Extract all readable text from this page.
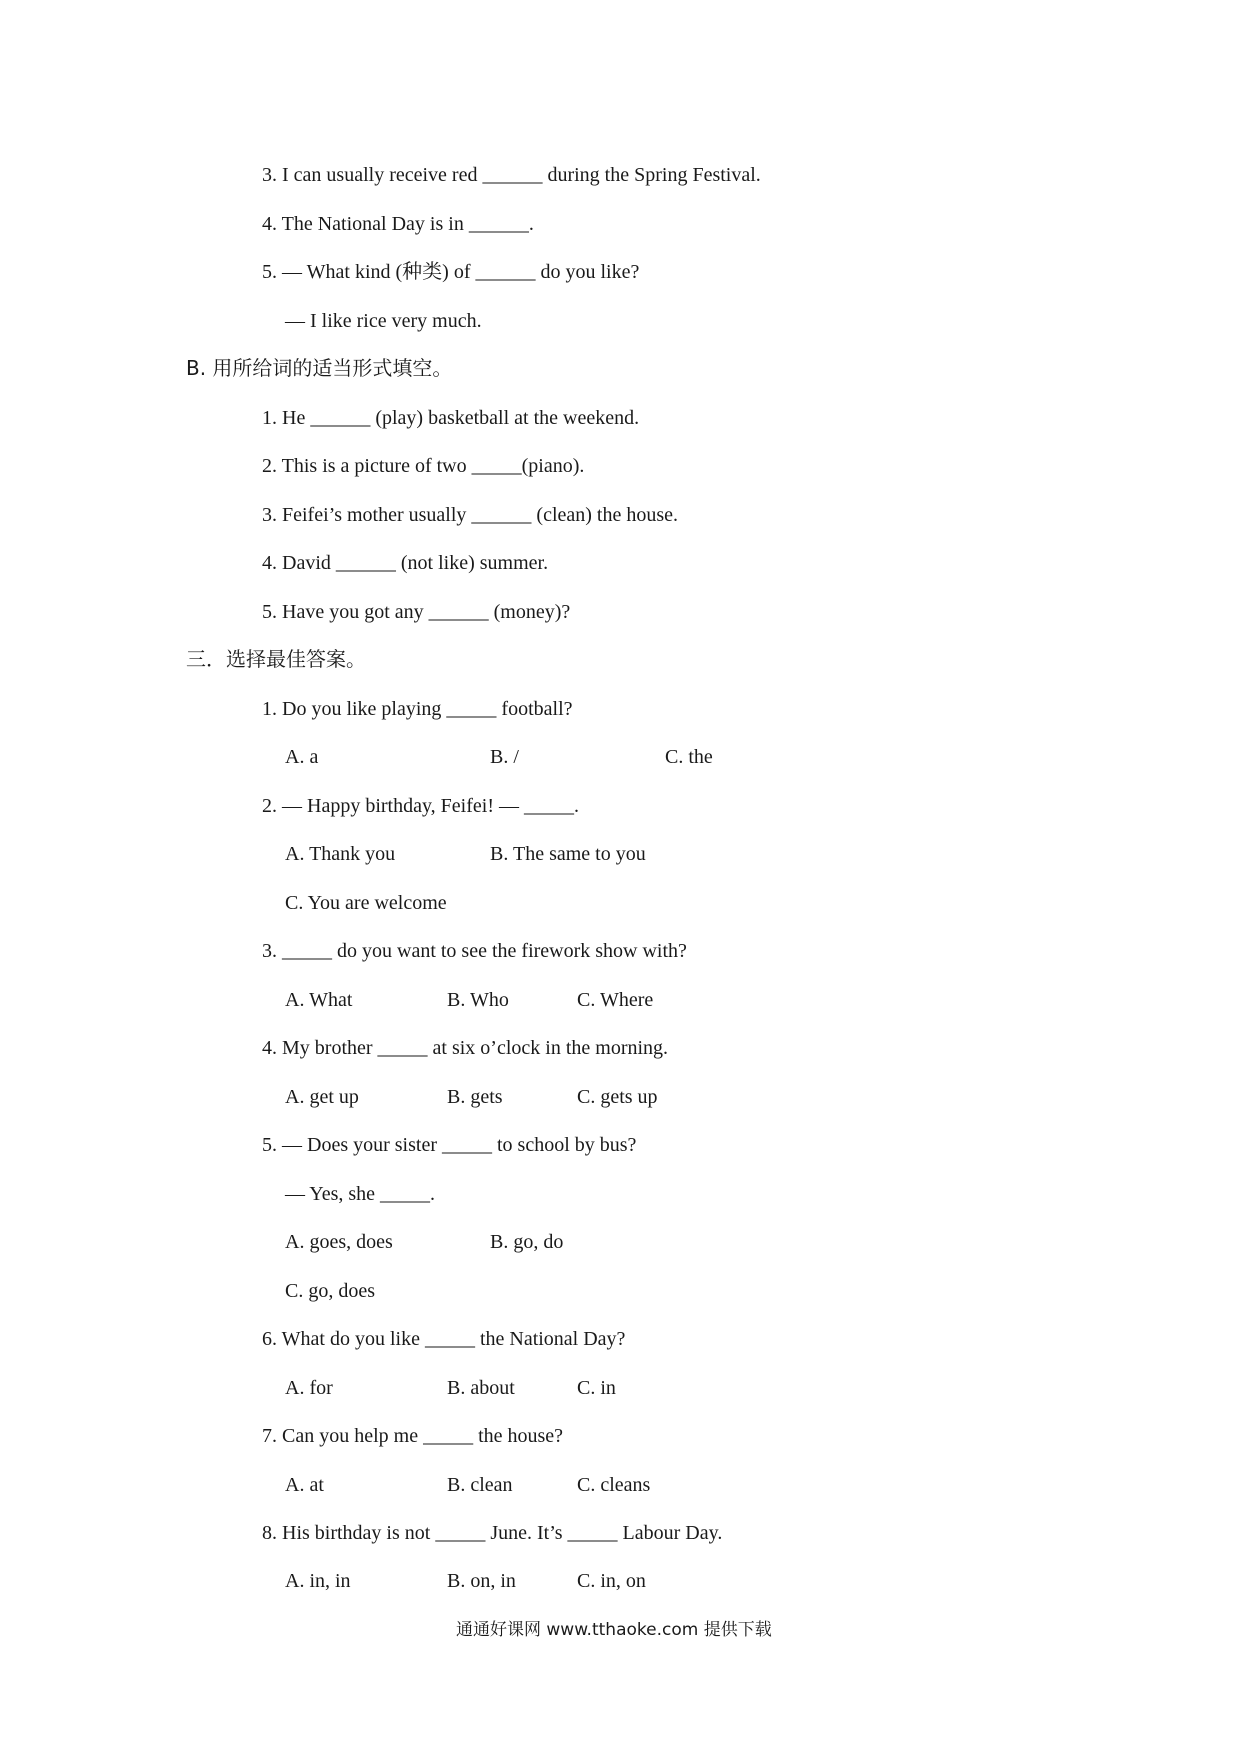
3. I can usually receive red ______ during the Spring Festival.
4. The National Day is in ______.
5. — What kind (种类) of ______ do you like?
— I like rice very much.
B. 用所给词的适当形式填空。
1. He ______ (play) basketball at the weekend.
2. This is a picture of two _____(piano).
3. Feifei’s mother usually ______ (clean) the house.
4. David ______ (not like) summer.
5. Have you got any ______ (money)?
三．选择最佳答案。
1. Do you like playing _____ football?
A. a	B. /	C. the
2. — Happy birthday, Feifei! — _____.
A. Thank you	B. The same to you
C. You are welcome
3. _____ do you want to see the firework show with?
A. What	B. Who	C. Where
4. My brother _____ at six o’clock in the morning.
A. get up	B. gets	C. gets up
5. — Does your sister _____ to school by bus?
— Yes, she _____.
A. goes, does	B. go, do
C. go, does
6. What do you like _____ the National Day?
A. for	B. about	C. in
7. Can you help me _____ the house?
A. at	B. clean	C. cleans
8. His birthday is not _____ June. It’s _____ Labour Day.
A. in, in	B. on, in	C. in, on
通通好课网 www.tthaoke.com 提供下载
